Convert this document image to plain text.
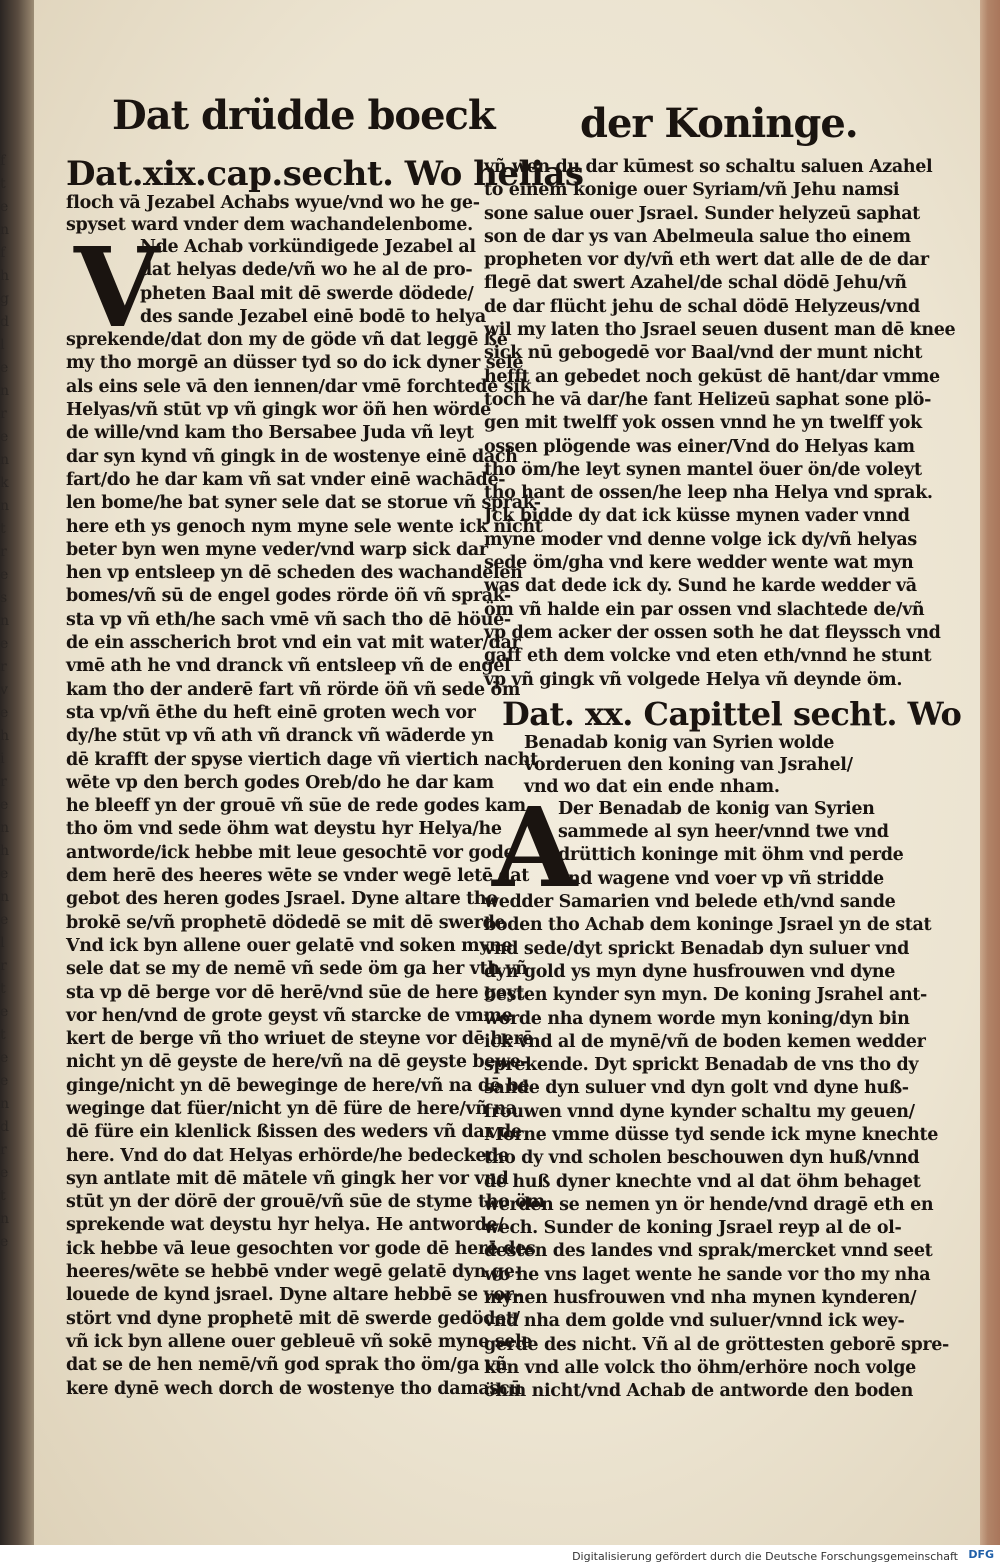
f
t
e
n
f
h
g
d
l
e
n
r
e
n
k
n
t
r
e
s
n
e
r
v
e
h
i
r
e
n
h
e
n
e
l
r
t
e
t
e
e
n
d
r
e
t
n
e
Dat drüdde boeck der Koninge.

Dat.xix.cap.secht. Wo helias

floch vā Jezabel Achabs wyue/vnd wo he ge-

spyset ward vnder dem wachandelenbome.

V

Nde Achab vorkündigede Jezabel al

dat helyas dede/vñ wo he al de pro-

pheten Baal mit dē swerde dödede/

des sande Jezabel einē bodē to helya

sprekende/dat don my de göde vñ dat leggē ße

my tho morgē an düsser tyd so do ick dyner sele

als eins sele vā den iennen/dar vmē forchtede sik

Helyas/vñ stūt vp vñ gingk wor öñ hen wörde

de wille/vnd kam tho Bersabee Juda vñ leyt

dar syn kynd vñ gingk in de wostenye einē dach

fart/do he dar kam vñ sat vnder einē wachāde-

len bome/he bat syner sele dat se storue vñ sprak-

here eth ys genoch nym myne sele wente ick nicht

beter byn wen myne veder/vnd warp sick dar

hen vp entsleep yn dē scheden des wachandelen

bomes/vñ sū de engel godes rörde öñ vñ sprak-

sta vp vñ eth/he sach vmē vñ sach tho dē höue-

de ein asscherich brot vnd ein vat mit water/dar

vmē ath he vnd dranck vñ entsleep vñ de engel

kam tho der anderē fart vñ rörde öñ vñ sede öm

sta vp/vñ ēthe du heft einē groten wech vor

dy/he stūt vp vñ ath vñ dranck vñ wāderde yn

dē krafft der spyse viertich dage vñ viertich nacht

wēte vp den berch godes Oreb/do he dar kam

he bleeff yn der grouē vñ sūe de rede godes kam

tho öm vnd sede öhm wat deystu hyr Helya/he

antworde/ick hebbe mit leue gesochtē vor gode

dem herē des heeres wēte se vnder wegē letē dat

gebot des heren godes Jsrael. Dyne altare tho

brokē se/vñ prophetē dödedē se mit dē swerde

Vnd ick byn allene ouer gelatē vnd soken myne

sele dat se my de nemē vñ sede öm ga her vth vñ

sta vp dē berge vor dē herē/vnd sūe de here geyt

vor hen/vnd de grote geyst vñ starcke de vmme

kert de berge vñ tho wriuet de steyne vor dē herē

nicht yn dē geyste de here/vñ na dē geyste bewe-

ginge/nicht yn dē beweginge de here/vñ na dē be

weginge dat füer/nicht yn dē füre de here/vñ na

dē füre ein klenlick ßissen des weders vñ dar de

here. Vnd do dat Helyas erhörde/he bedeckede

syn antlate mit dē mātele vñ gingk her vor vnd

stūt yn der dörē der grouē/vñ sūe de styme tho öm

sprekende wat deystu hyr helya. He antworde/

ick hebbe vā leue gesochten vor gode dē herē des

heeres/wēte se hebbē vnder wegē gelatē dyn ge-

louede de kynd jsrael. Dyne altare hebbē se vor-

stört vnd dyne prophetē mit dē swerde gedödet/

vñ ick byn allene ouer gebleuē vñ sokē myne sele

dat se de hen nemē/vñ god sprak tho öm/ga vñ

kere dynē wech dorch de wostenye tho damascū

vñ wen du dar kūmest so schaltu saluen Azahel

to einem konige ouer Syriam/vñ Jehu namsi

sone salue ouer Jsrael. Sunder helyzeū saphat

son de dar ys van Abelmeula salue tho einem

propheten vor dy/vñ eth wert dat alle de de dar

flegē dat swert Azahel/de schal dödē Jehu/vñ

de dar flücht jehu de schal dödē Helyzeus/vnd

wil my laten tho Jsrael seuen dusent man dē knee

sick nū gebogedē vor Baal/vnd der munt nicht

hefft an gebedet noch gekūst dē hant/dar vmme

toch he vā dar/he fant Helizeū saphat sone plö-

gen mit twelff yok ossen vnnd he yn twelff yok

ossen plögende was einer/Vnd do Helyas kam

tho öm/he leyt synen mantel öuer ön/de voleyt

tho hant de ossen/he leep nha Helya vnd sprak.

Jck bidde dy dat ick küsse mynen vader vnnd

myne moder vnd denne volge ick dy/vñ helyas

sede öm/gha vnd kere wedder wente wat myn

was dat dede ick dy. Sund he karde wedder vā

öm vñ halde ein par ossen vnd slachtede de/vñ

vp dem acker der ossen soth he dat fleyssch vnd

gaff eth dem volcke vnd eten eth/vnnd he stunt

vp vñ gingk vñ volgede Helya vñ deynde öm.

Dat. xx. Capittel secht. Wo

Benadab konig van Syrien wolde

vorderuen den koning van Jsrahel/

vnd wo dat ein ende nham.

A

Der Benadab de konig van Syrien

sammede al syn heer/vnnd twe vnd

drüttich koninge mit öhm vnd perde

vnd wagene vnd voer vp vñ stridde

wedder Samarien vnd belede eth/vnd sande

boden tho Achab dem koninge Jsrael yn de stat

vnd sede/dyt sprickt Benadab dyn suluer vnd

dyn gold ys myn dyne husfrouwen vnd dyne

besten kynder syn myn. De koning Jsrahel ant-

worde nha dynem worde myn koning/dyn bin

ick vnd al de mynē/vñ de boden kemen wedder

sprekende. Dyt sprickt Benadab de vns tho dy

sande dyn suluer vnd dyn golt vnd dyne huß-

frouwen vnnd dyne kynder schaltu my geuen/

Morne vmme düsse tyd sende ick myne knechte

tho dy vnd scholen beschouwen dyn huß/vnnd

de huß dyner knechte vnd al dat öhm behaget

werden se nemen yn ör hende/vnd dragē eth en

wech. Sunder de koning Jsrael reyp al de ol-

desten des landes vnd sprak/mercket vnnd seet

wo he vns laget wente he sande vor tho my nha

mynen husfrouwen vnd nha mynen kynderen/

vnd nha dem golde vnd suluer/vnnd ick wey-

gerde des nicht. Vñ al de gröttesten geborē spre-

ken vnd alle volck tho öhm/erhöre noch volge

öhm nicht/vnd Achab de antworde den boden

Digitalisierung gefördert durch die Deutsche Forschungsgemeinschaft DFG
